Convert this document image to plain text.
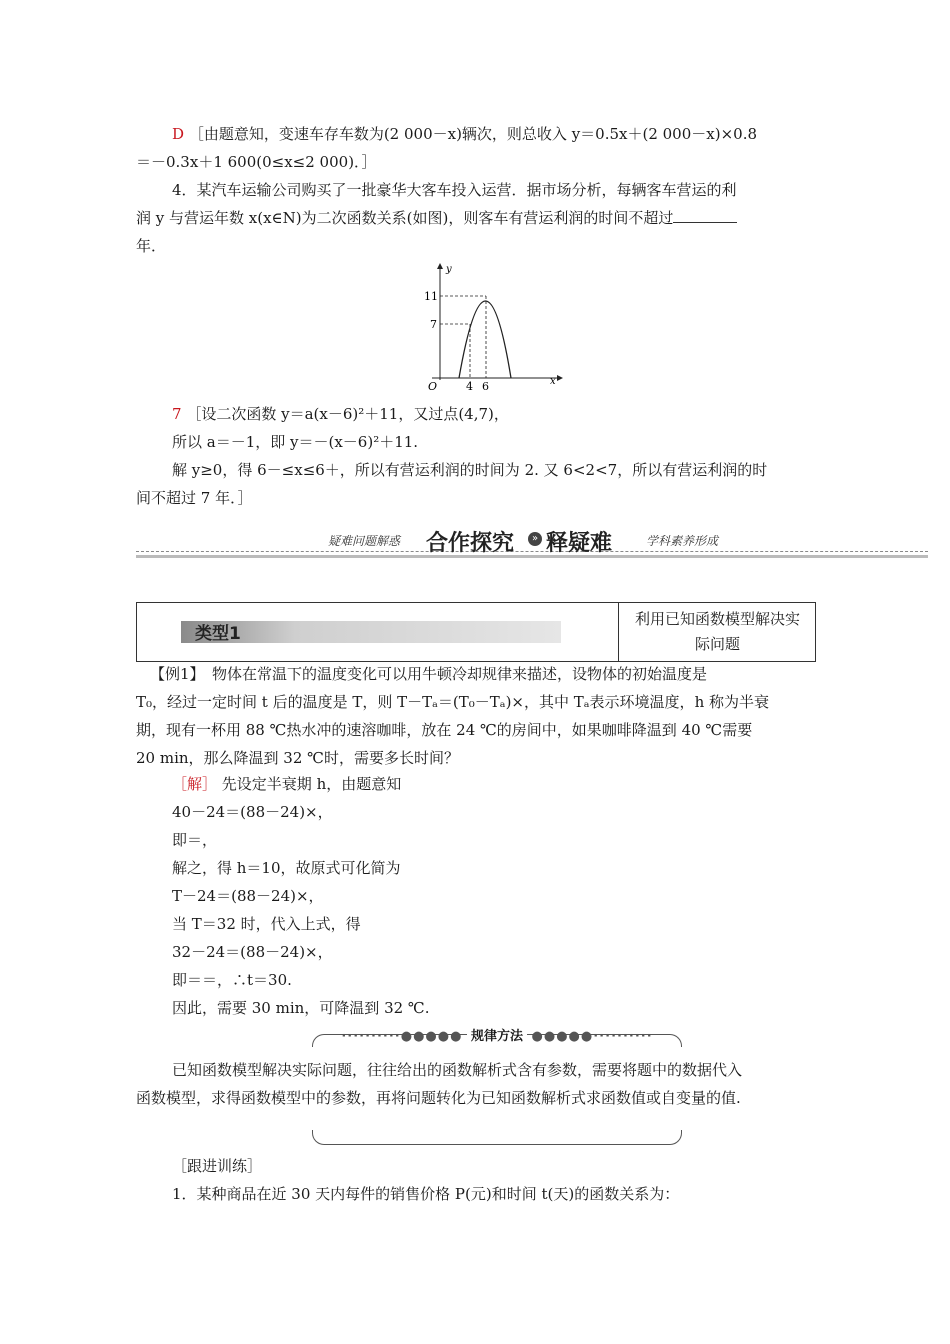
D ［由题意知，变速车存车数为(2 000－x)辆次，则总收入 y＝0.5x＋(2 000－x)×0.8
＝－0.3x＋1 600(0≤x≤2 000)．］
4．某汽车运输公司购买了一批豪华大客车投入运营．据市场分析，每辆客车营运的利
润 y 与营运年数 x(x∈N)为二次函数关系(如图)，则客车有营运利润的时间不超过
年．
y
x
O
11
7
4 6
7 ［设二次函数 y＝a(x－6)²＋11，又过点(4,7)，
所以 a＝－1，即 y＝－(x－6)²＋11.
解 y≥0，得 6－≤x≤6＋，所以有营运利润的时间为 2. 又 6<2<7，所以有营运利润的时
间不超过 7 年．］
疑难问题解惑 合作探究	» 释疑难	学科素养形成
类型1
利用已知函数模型解决实
际问题
【例1】　物体在常温下的温度变化可以用牛顿冷却规律来描述，设物体的初始温度是
T₀，经过一定时间 t 后的温度是 T，则 T－Tₐ＝(T₀－Tₐ)×，其中 Tₐ表示环境温度，h 称为半衰
期，现有一杯用 88 ℃热水冲的速溶咖啡，放在 24 ℃的房间中，如果咖啡降温到 40 ℃需要
20 min，那么降温到 32 ℃时，需要多长时间？
［解］ 先设定半衰期 h，由题意知
40－24＝(88－24)×，
即＝，
解之，得 h＝10，故原式可化简为
T－24＝(88－24)×，
当 T＝32 时，代入上式，得
32－24＝(88－24)×，
即＝＝，∴t＝30.
因此，需要 30 min，可降温到 32 ℃.
··········●●●●● 规律方法 ●●●●●··········
已知函数模型解决实际问题，往往给出的函数解析式含有参数，需要将题中的数据代入
函数模型，求得函数模型中的参数，再将问题转化为已知函数解析式求函数值或自变量的值.
［跟进训练］
1．某种商品在近 30 天内每件的销售价格 P(元)和时间 t(天)的函数关系为：
